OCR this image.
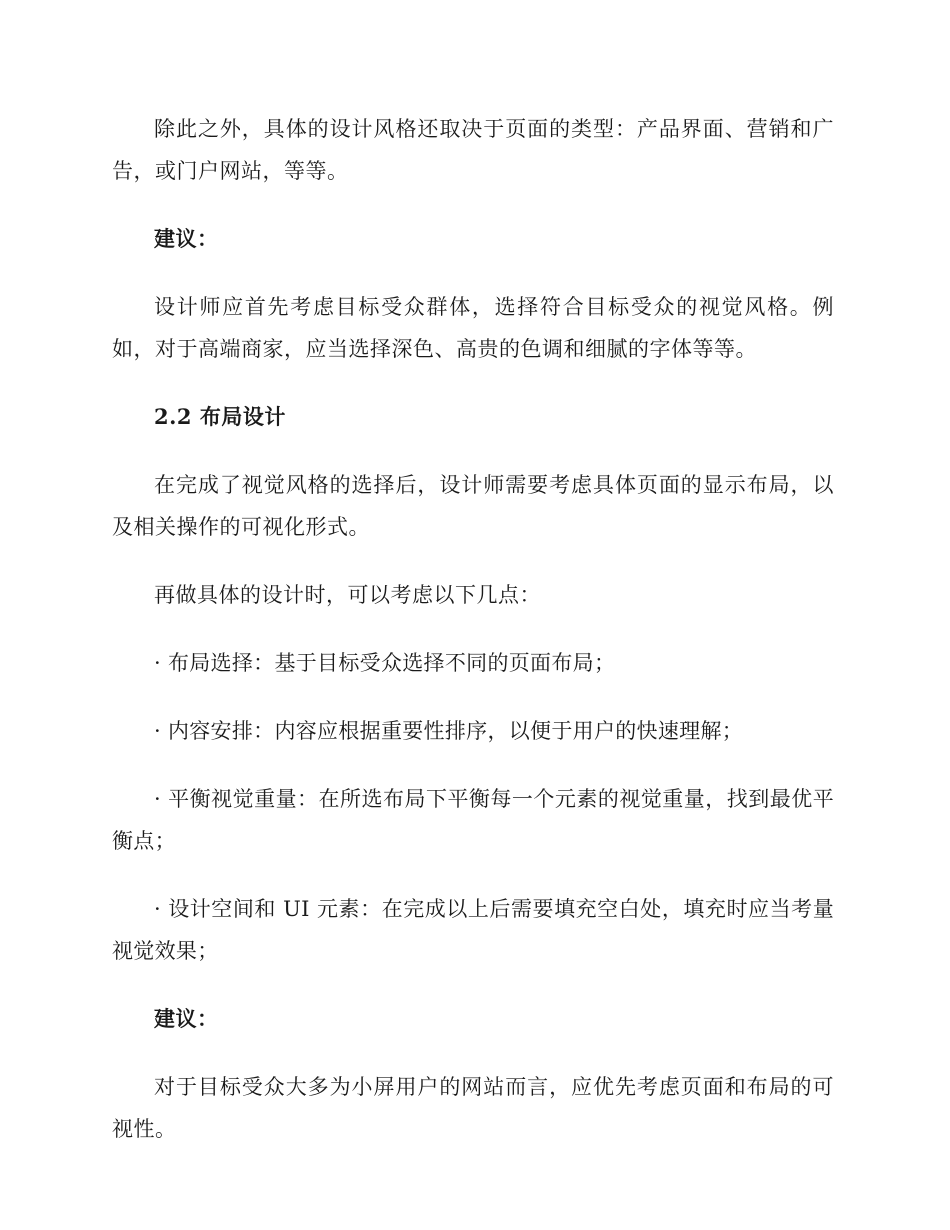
除此之外，具体的设计风格还取决于页面的类型：产品界面、营销和广告，或门户网站，等等。

建议：

设计师应首先考虑目标受众群体，选择符合目标受众的视觉风格。例如，对于高端商家，应当选择深色、高贵的色调和细腻的字体等等。

2.2 布局设计

在完成了视觉风格的选择后，设计师需要考虑具体页面的显示布局，以及相关操作的可视化形式。

再做具体的设计时，可以考虑以下几点：

· 布局选择：基于目标受众选择不同的页面布局；

· 内容安排：内容应根据重要性排序，以便于用户的快速理解；

· 平衡视觉重量：在所选布局下平衡每一个元素的视觉重量，找到最优平衡点；

· 设计空间和 UI 元素：在完成以上后需要填充空白处，填充时应当考量视觉效果；

建议：

对于目标受众大多为小屏用户的网站而言，应优先考虑页面和布局的可视性。
